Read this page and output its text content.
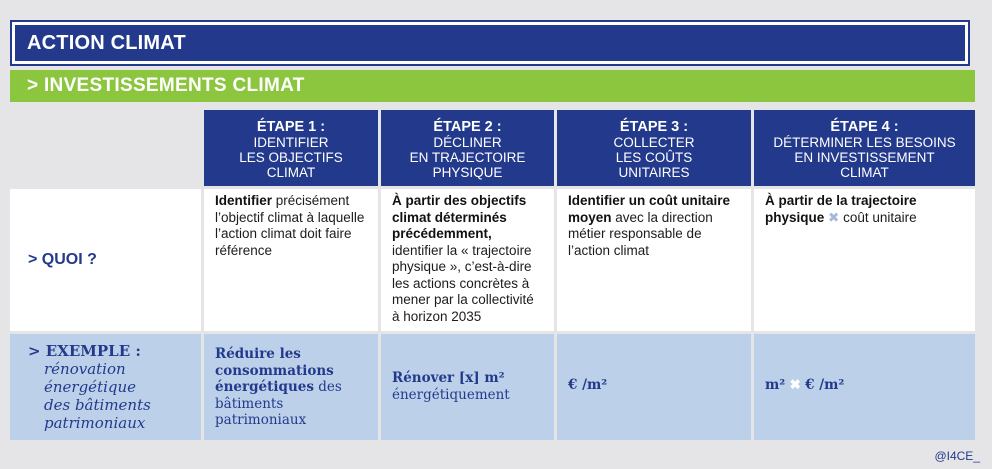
ACTION CLIMAT
> INVESTISSEMENTS CLIMAT
ÉTAPE 1 :
IDENTIFIER
LES OBJECTIFS
CLIMAT
ÉTAPE 2 :
DÉCLINER
EN TRAJECTOIRE
PHYSIQUE
ÉTAPE 3 :
COLLECTER
LES COÛTS
UNITAIRES
ÉTAPE 4 :
DÉTERMINER LES BESOINS
EN INVESTISSEMENT
CLIMAT
> QUOI ?
Identifier précisément l’objectif climat à laquelle l’action climat doit faire référence
À partir des objectifs climat déterminés précédemment, identifier la « trajectoire physique », c’est-à-dire les actions concrètes à mener par la collectivité à horizon 2035
Identifier un coût unitaire moyen avec la direction métier responsable de l’action climat
À partir de la trajectoire physique ✖ coût unitaire
> EXEMPLE :
rénovation
énergétique
des bâtiments
patrimoniaux
Réduire les consommations énergétiques des bâtiments patrimoniaux
Rénover [x] m²
énergétiquement
€ /m²	m² ✖ € /m²
@I4CE_
